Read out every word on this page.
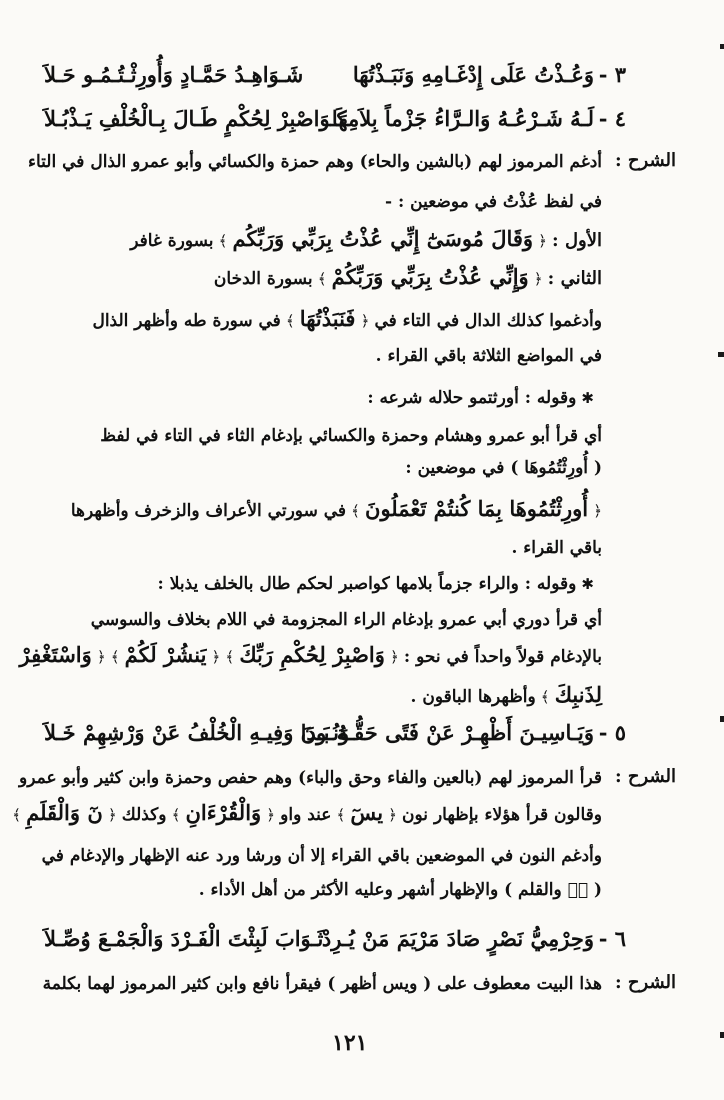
٣ -
وَعُـذْتُ عَلَى إِدْغَـامِهِ وَنَبَـذْتُهَا
شَـوَاهِـدُ حَمَّـادٍ وَأُورِثْـتُـمُـو حَـلاَ
٤ -
لَـهُ شَـرْعُـهُ وَالـرَّاءُ جَزْماً بِلاَمِهَا
كَـوَاصْبِرْ لِحُكْمٍ طَـالَ بِـالْخُلْفِ يَـذْبُـلاَ
الشرح :
أدغم المرموز لهم (بالشين والحاء) وهم حمزة والكسائي وأبو عمرو الذال في التاء
في لفظ عُذْتُ في موضعين : -
الأول : ﴿ وَقَالَ مُوسَىٰٓ إِنِّي عُذْتُ بِرَبِّي وَرَبِّكُم ﴾ بسورة غافر
الثاني : ﴿ وَإِنِّي عُذْتُ بِرَبِّي وَرَبِّكُمْ ﴾ بسورة الدخان
وأدغموا كذلك الدال في التاء في ﴿ فَنَبَذْتُهَا ﴾ في سورة طه وأظهر الذال
في المواضع الثلاثة باقي القراء .
✱ وقوله : أورثتمو حلاله شرعه :
أي قرأ أبو عمرو وهشام وحمزة والكسائي بإدغام الثاء في التاء في لفظ
( أُورِثْتُمُوهَا ) في موضعين :
﴿ أُورِثْتُمُوهَا بِمَا كُنتُمْ تَعْمَلُونَ ﴾ في سورتي الأعراف والزخرف وأظهرها
باقي القراء .
✱ وقوله : والراء جزماً بلامها كواصبر لحكم طال بالخلف يذبلا :
أي قرأ دوري أبي عمرو بإدغام الراء المجزومة في اللام بخلاف والسوسي
بالإدغام قولاً واحداً في نحو : ﴿ وَاصْبِرْ لِحُكْمِ رَبِّكَ ﴾ ﴿ يَنشُرْ لَكُمْ ﴾ ﴿ وَاسْتَغْفِرْ
لِذَنبِكَ ﴾ وأظهرها الباقون .
٥ -
وَيَـاسِيـنَ أَظْهِـرْ عَنْ فَتًى حَقُّـهُ بَـدَا
وَنُـونَ وَفِيـهِ الْخُلْفُ عَنْ وَرْشِهِمْ خَـلاَ
الشرح :
قرأ المرموز لهم (بالعين والفاء وحق والباء) وهم حفص وحمزة وابن كثير وأبو عمرو
وقالون قرأ هؤلاء بإظهار نون ﴿ يسٓ ﴾ عند واو ﴿ وَالْقُرْءَانِ ﴾ وكذلك ﴿ نٓ وَالْقَلَمِ ﴾
وأدغم النون في الموضعين باقي القراء إلا أن ورشا ورد عنه الإظهار والإدغام في
( نۤ والقلم ) والإظهار أشهر وعليه الأكثر من أهل الأداء .
٦ -
وَحِرْمِيُّ نَصْرٍ صَادَ مَرْيَمَ مَنْ يُـرِدْ
ثَـوَابَ لَبِثْتَ الْفَـرْدَ وَالْجَمْـعَ وُصِّـلاَ
الشرح :
هذا البيت معطوف على ( ويس أظهر ) فيقرأ نافع وابن كثير المرموز لهما بكلمة
١٢١
